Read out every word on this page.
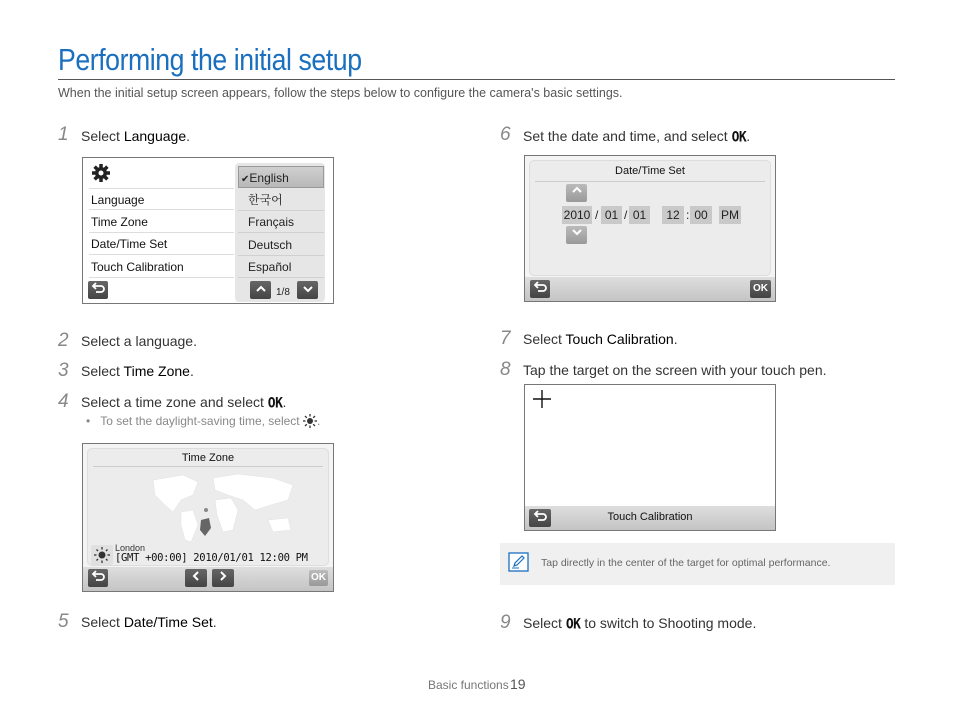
Performing the initial setup

When the initial setup screen appears, follow the steps below to configure the camera's basic settings.

1 Select Language.
Language
Time Zone
Date/Time Set
Touch Calibration
✔English
한국어
Français
Deutsch
Español
1/8
2 Select a language.
3 Select Time Zone.
4 Select a time zone and select OK.
•   To set the daylight-saving time, select .
Time Zone
London
[GMT +00:00] 2010/01/01 12:00 PM
OK
5 Select Date/Time Set.
6 Set the date and time, and select OK.
Date/Time Set
2010 / 01 / 01	12 : 00	PM
OK
7 Select Touch Calibration.
8 Tap the target on the screen with your touch pen.
Touch Calibration
Tap directly in the center of the target for optimal performance.
9 Select OK to switch to Shooting mode.
Basic functions 19
